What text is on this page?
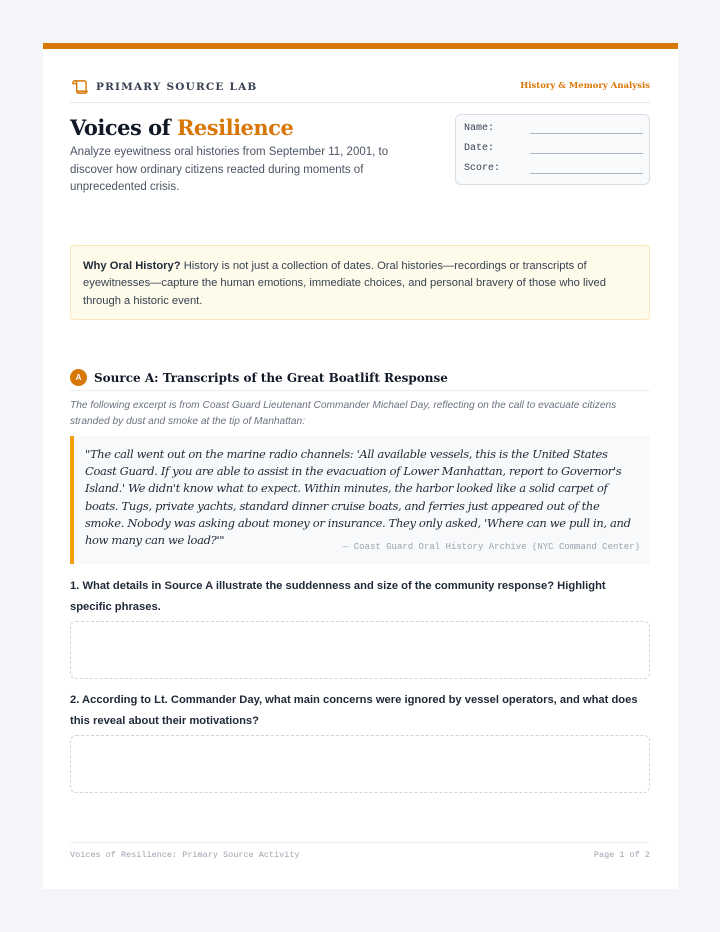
PRIMARY SOURCE LAB	History & Memory Analysis
Voices of Resilience

Analyze eyewitness oral histories from September 11, 2001, to discover how ordinary citizens reacted during moments of unprecedented crisis.

Name:
Date:
Score:
Why Oral History? History is not just a collection of dates. Oral histories—recordings or transcripts of eyewitnesses—capture the human emotions, immediate choices, and personal bravery of those who lived through a historic event.
A	Source A: Transcripts of the Great Boatlift Response

The following excerpt is from Coast Guard Lieutenant Commander Michael Day, reflecting on the call to evacuate citizens stranded by dust and smoke at the tip of Manhattan:

"The call went out on the marine radio channels: 'All available vessels, this is the United States Coast Guard. If you are able to assist in the evacuation of Lower Manhattan, report to Governor's Island.' We didn't know what to expect. Within minutes, the harbor looked like a solid carpet of boats. Tugs, private yachts, standard dinner cruise boats, and ferries just appeared out of the smoke. Nobody was asking about money or insurance. They only asked, 'Where can we pull in, and how many can we load?'"	— Coast Guard Oral History Archive (NYC Command Center)

1. What details in Source A illustrate the suddenness and size of the community response? Highlight specific phrases.

2. According to Lt. Commander Day, what main concerns were ignored by vessel operators, and what does this reveal about their motivations?

Voices of Resilience: Primary Source Activity	Page 1 of 2
